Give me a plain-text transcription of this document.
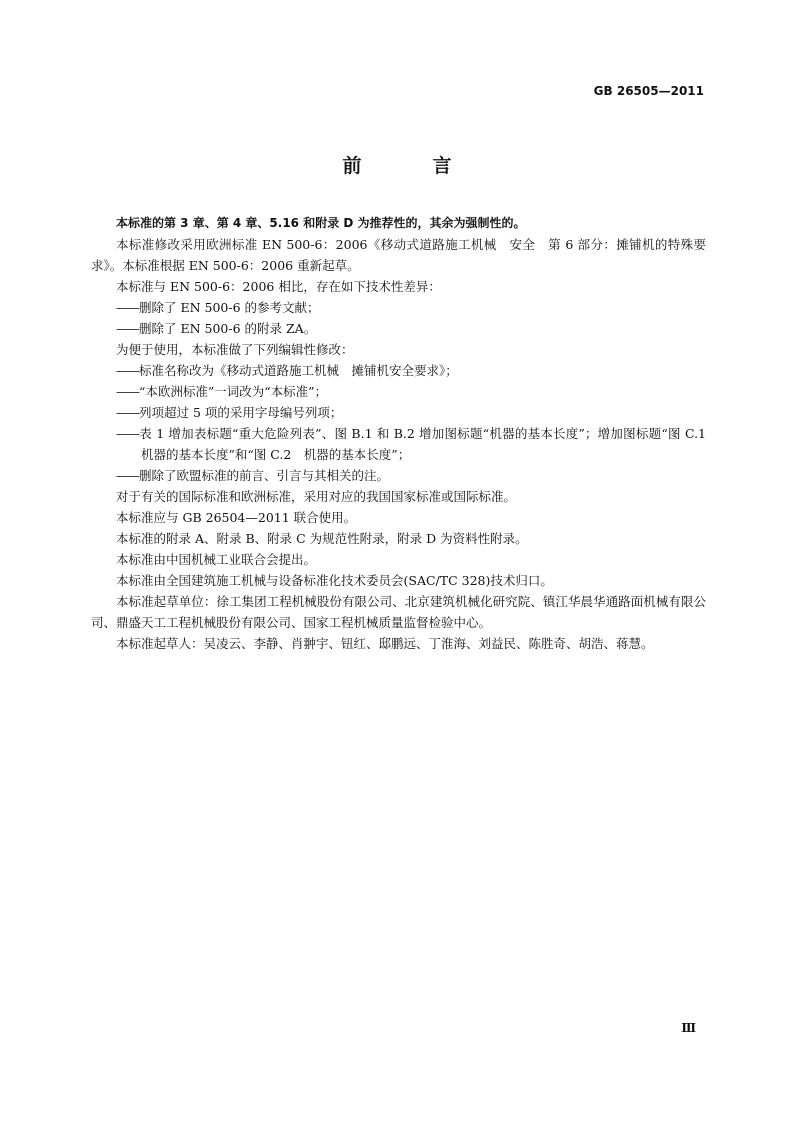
GB 26505—2011
前　言

本标准的第 3 章、第 4 章、5.16 和附录 D 为推荐性的，其余为强制性的。

本标准修改采用欧洲标准 EN 500-6：2006《移动式道路施工机械　安全　第 6 部分：摊铺机的特殊要求》。本标准根据 EN 500-6：2006 重新起草。

本标准与 EN 500-6：2006 相比，存在如下技术性差异：

——删除了 EN 500-6 的参考文献；

——删除了 EN 500-6 的附录 ZA。

为便于使用，本标准做了下列编辑性修改：

——标准名称改为《移动式道路施工机械　摊铺机安全要求》；

——“本欧洲标准”一词改为“本标准”；

——列项超过 5 项的采用字母编号列项；

——表 1 增加表标题“重大危险列表”、图 B.1 和 B.2 增加图标题“机器的基本长度”；增加图标题“图 C.1　机器的基本长度”和“图 C.2　机器的基本长度”；

——删除了欧盟标准的前言、引言与其相关的注。

对于有关的国际标准和欧洲标准，采用对应的我国国家标准或国际标准。

本标准应与 GB 26504—2011 联合使用。

本标准的附录 A、附录 B、附录 C 为规范性附录，附录 D 为资料性附录。

本标准由中国机械工业联合会提出。

本标准由全国建筑施工机械与设备标准化技术委员会(SAC/TC 328)技术归口。

本标准起草单位：徐工集团工程机械股份有限公司、北京建筑机械化研究院、镇江华晨华通路面机械有限公司、鼎盛天工工程机械股份有限公司、国家工程机械质量监督检验中心。

本标准起草人：吴凌云、李静、肖翀宇、钮红、邸鹏远、丁淮海、刘益民、陈胜奇、胡浩、蒋慧。

Ⅲ
